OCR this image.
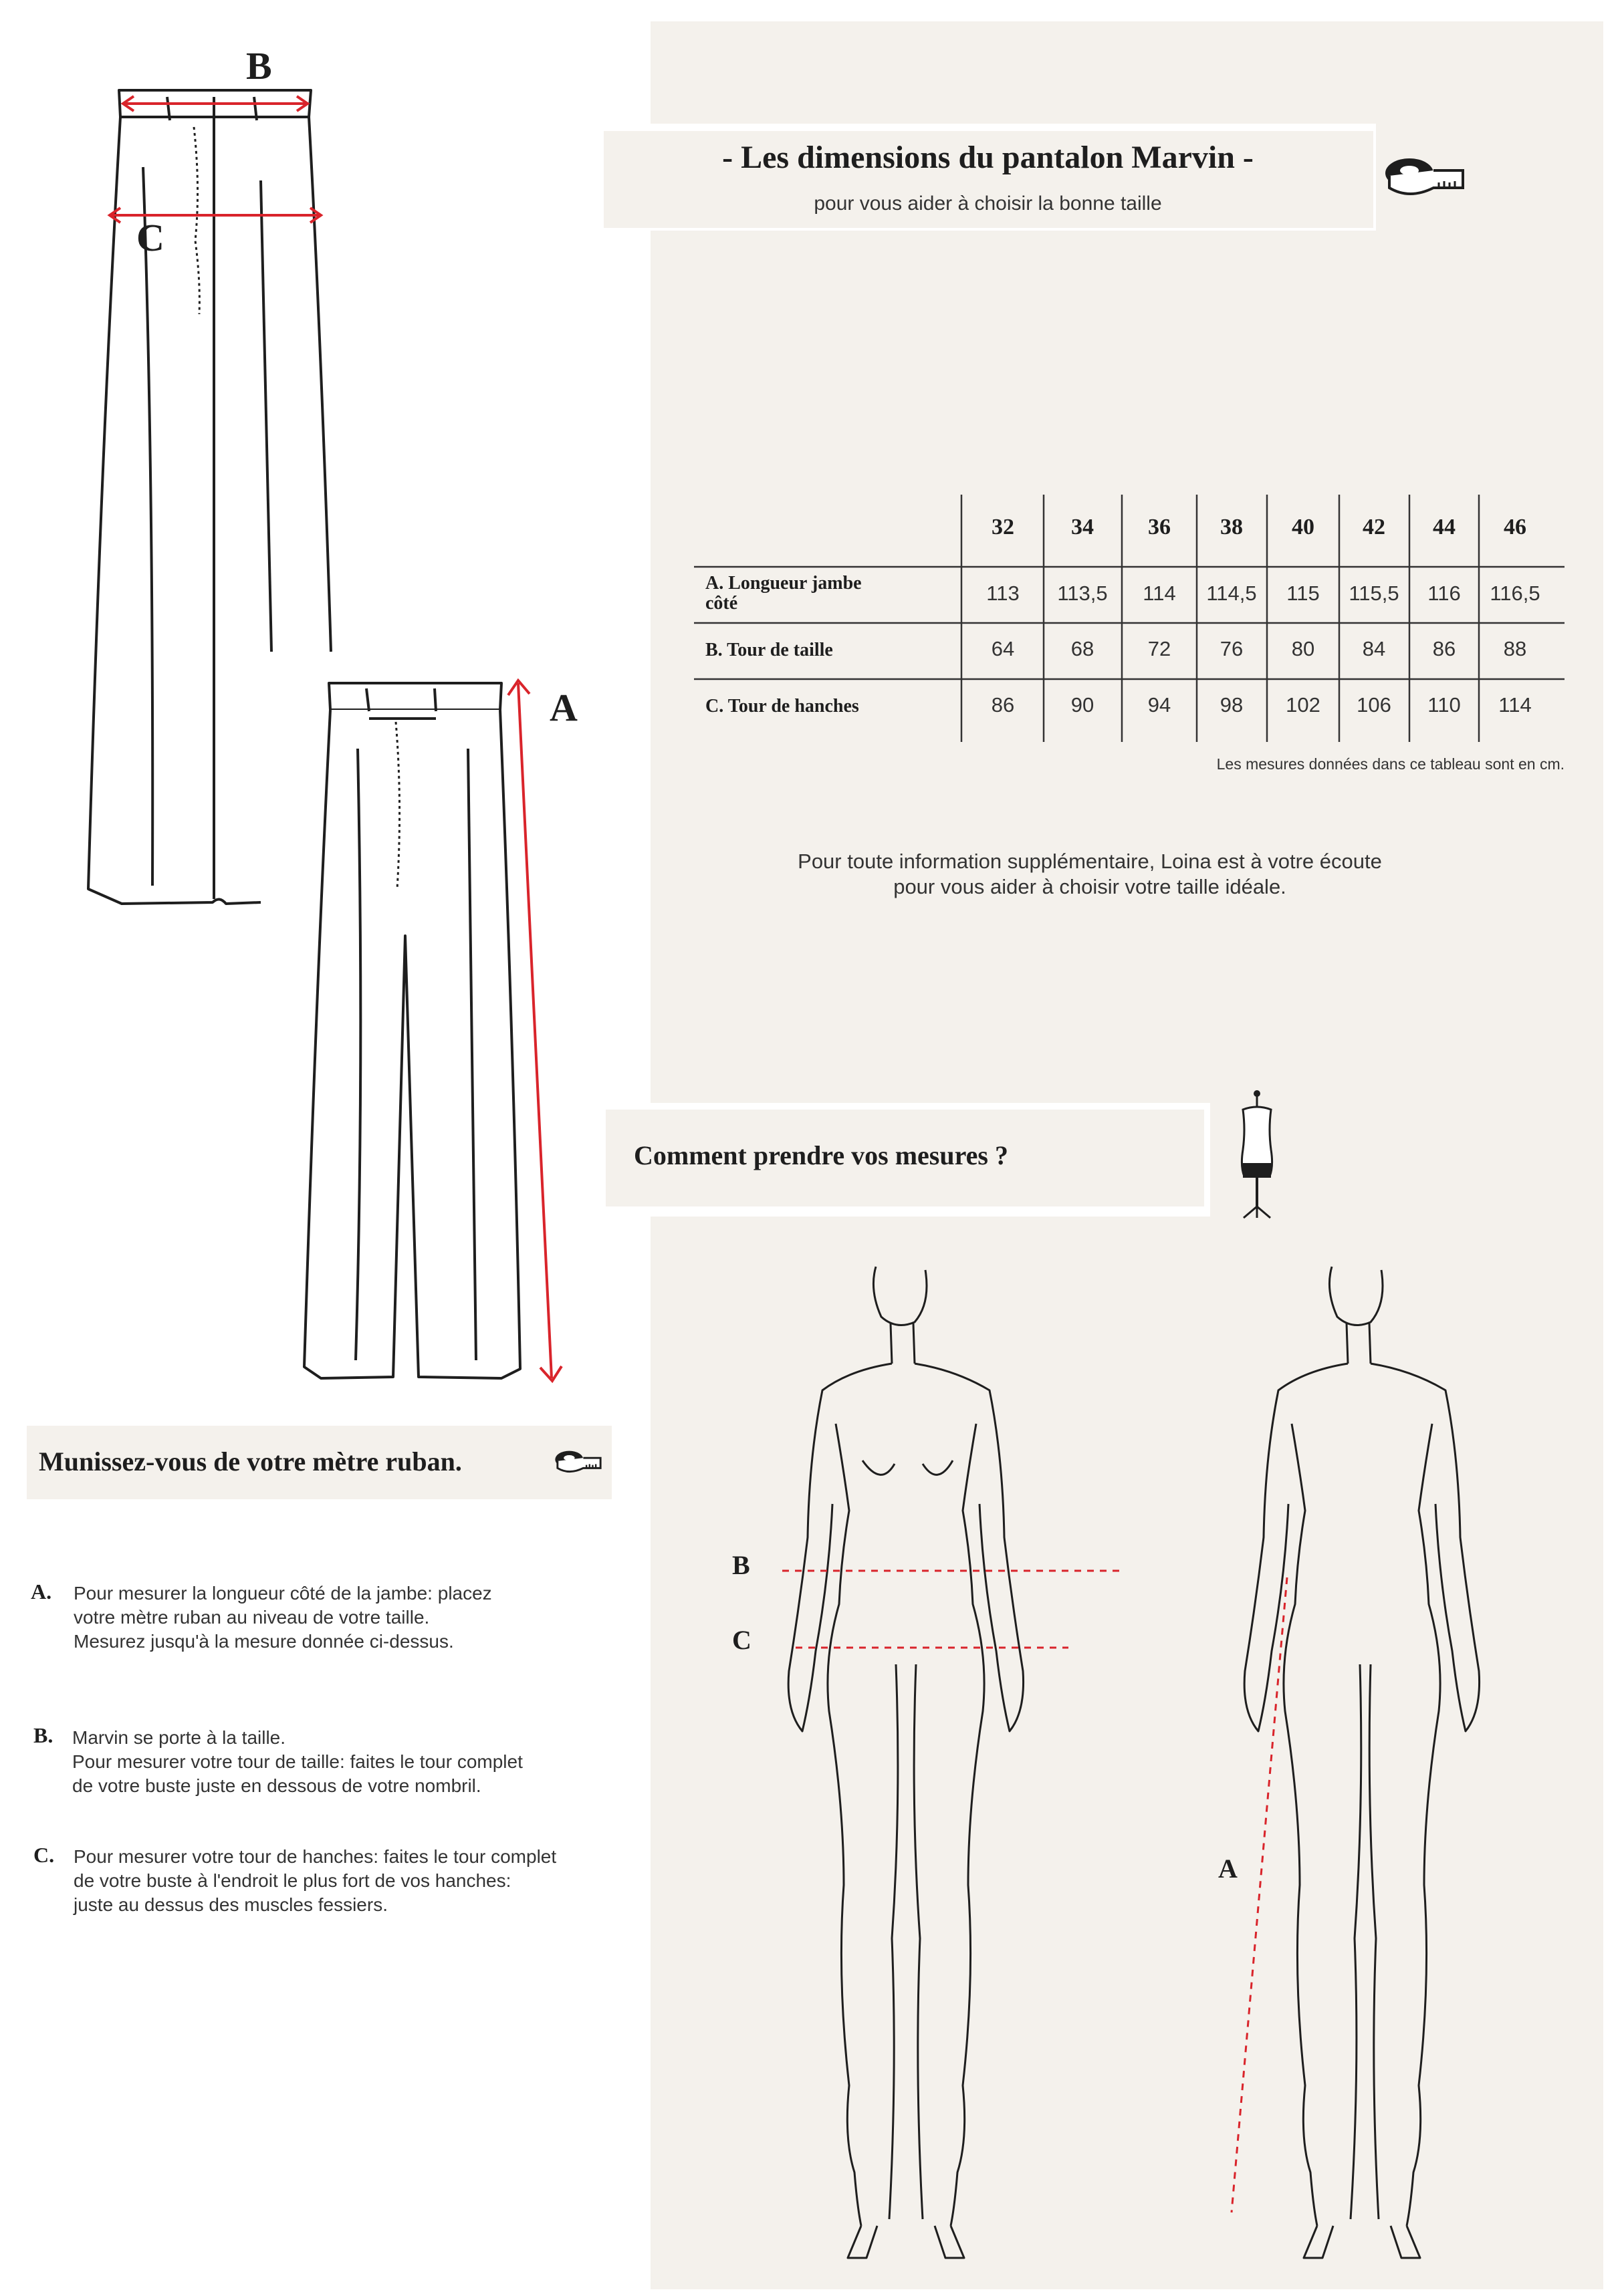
- Les dimensions du pantalon Marvin -
pour vous aider à choisir la bonne taille
32	34	36	38	40	42	44	46
A. Longueur jambe
côté	113	113,5	114	114,5	115	115,5	116	116,5
B. Tour de taille	64	68	72	76	80	84	86	88
C. Tour de hanches	86	90	94	98	102	106	110	114
Les mesures données dans ce tableau sont en cm.
Pour toute information supplémentaire, Loina est à votre écoute
pour vous aider à choisir votre taille idéale.
Comment prendre vos mesures ?
Munissez-vous de votre mètre ruban.
A. Pour mesurer la longueur côté de la jambe: placez
votre mètre ruban au niveau de votre taille.
Mesurez jusqu'à la mesure donnée ci-dessus.
B. Marvin se porte à la taille.
Pour mesurer votre tour de taille: faites le tour complet
de votre buste juste en dessous de votre nombril.
C. Pour mesurer votre tour de hanches: faites le tour complet
de votre buste à l'endroit le plus fort de vos hanches:
juste au dessus des muscles fessiers.
B
C
A
B
C
A
